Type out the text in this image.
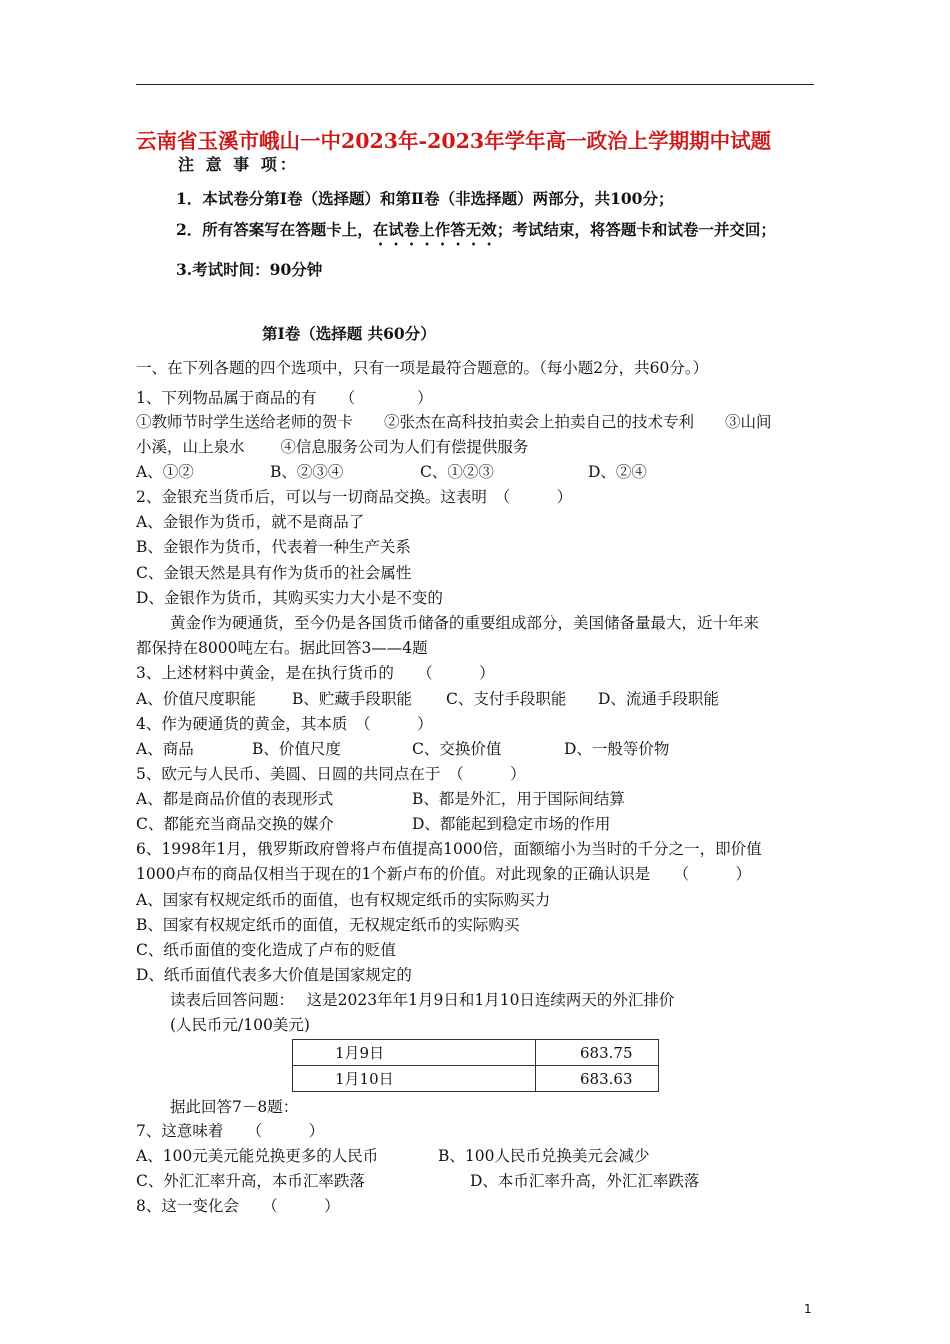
云南省玉溪市峨山一中2023年-2023年学年高一政治上学期期中试题
注 意 事 项：
1．本试卷分第Ⅰ卷（选择题）和第Ⅱ卷（非选择题）两部分，共100分；
2．所有答案写在答题卡上，在试卷上作答无效；考试结束，将答题卡和试卷一并交回；
3.考试时间：90分钟
第Ⅰ卷（选择题 共60分）
一、在下列各题的四个选项中，只有一项是最符合题意的。（每小题2分，共60分。）
1、下列物品属于商品的有　　（　　　　）
①教师节时学生送给老师的贺卡　　②张杰在高科技拍卖会上拍卖自己的技术专利　　③山间
小溪，山上泉水　　 ④信息服务公司为人们有偿提供服务
A、①②	B、②③④	C、①②③	D、②④
2、金银充当货币后，可以与一切商品交换。这表明　（　　　）
A、金银作为货币，就不是商品了
B、金银作为货币，代表着一种生产关系
C、金银天然是具有作为货币的社会属性
D、金银作为货币，其购买实力大小是不变的
黄金作为硬通货，至今仍是各国货币储备的重要组成部分，美国储备量最大，近十年来
都保持在8000吨左右。据此回答3——4题
3、上述材料中黄金，是在执行货币的　　（　　　）
A、价值尺度职能 B、贮藏手段职能 C、支付手段职能 D、流通手段职能
4、作为硬通货的黄金，其本质　（　　　）
A、商品	B、价值尺度	C、交换价值	D、一般等价物
5、欧元与人民币、美圆、日圆的共同点在于　（　　　）
A、都是商品价值的表现形式	B、都是外汇，用于国际间结算
C、都能充当商品交换的媒介	D、都能起到稳定市场的作用
6、1998年1月，俄罗斯政府曾将卢布值提高1000倍，面额缩小为当时的千分之一，即价值
1000卢布的商品仅相当于现在的1个新卢布的价值。对此现象的正确认识是　　（　　　）
A、国家有权规定纸币的面值，也有权规定纸币的实际购买力
B、国家有权规定纸币的面值，无权规定纸币的实际购买
C、纸币面值的变化造成了卢布的贬值
D、纸币面值代表多大价值是国家规定的
读表后回答问题：　 这是2023年年1月9日和1月10日连续两天的外汇排价
(人民币元/100美元)
1月9日	683.75
1月10日	683.63
据此回答7－8题：
7、这意味着　　（　　　）
A、100元美元能兑换更多的人民币	B、100人民币兑换美元会减少
C、外汇汇率升高，本币汇率跌落	D、本币汇率升高，外汇汇率跌落
8、这一变化会　　（　　　）
1
